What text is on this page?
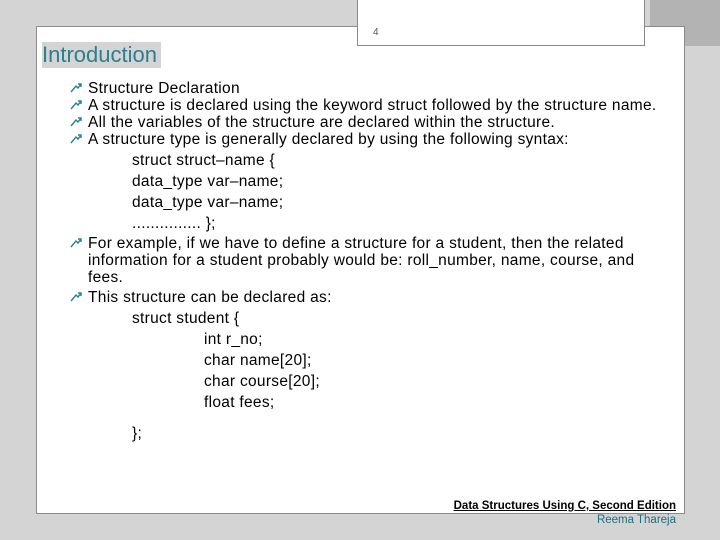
4
Introduction
Structure Declaration
A structure is declared using the keyword struct followed by the structure name.
All the variables of the structure are declared within the structure.
A structure type is generally declared by using the following syntax:
struct struct–name {
data_type var–name;
data_type var–name;
............... };
For example, if we have to define a structure for a student, then the related information for a student probably would be: roll_number, name, course, and fees.
This structure can be declared as:
struct student {
int r_no;
char name[20];
char course[20];
float fees;
};
Data Structures Using C, Second Edition
Reema Thareja
